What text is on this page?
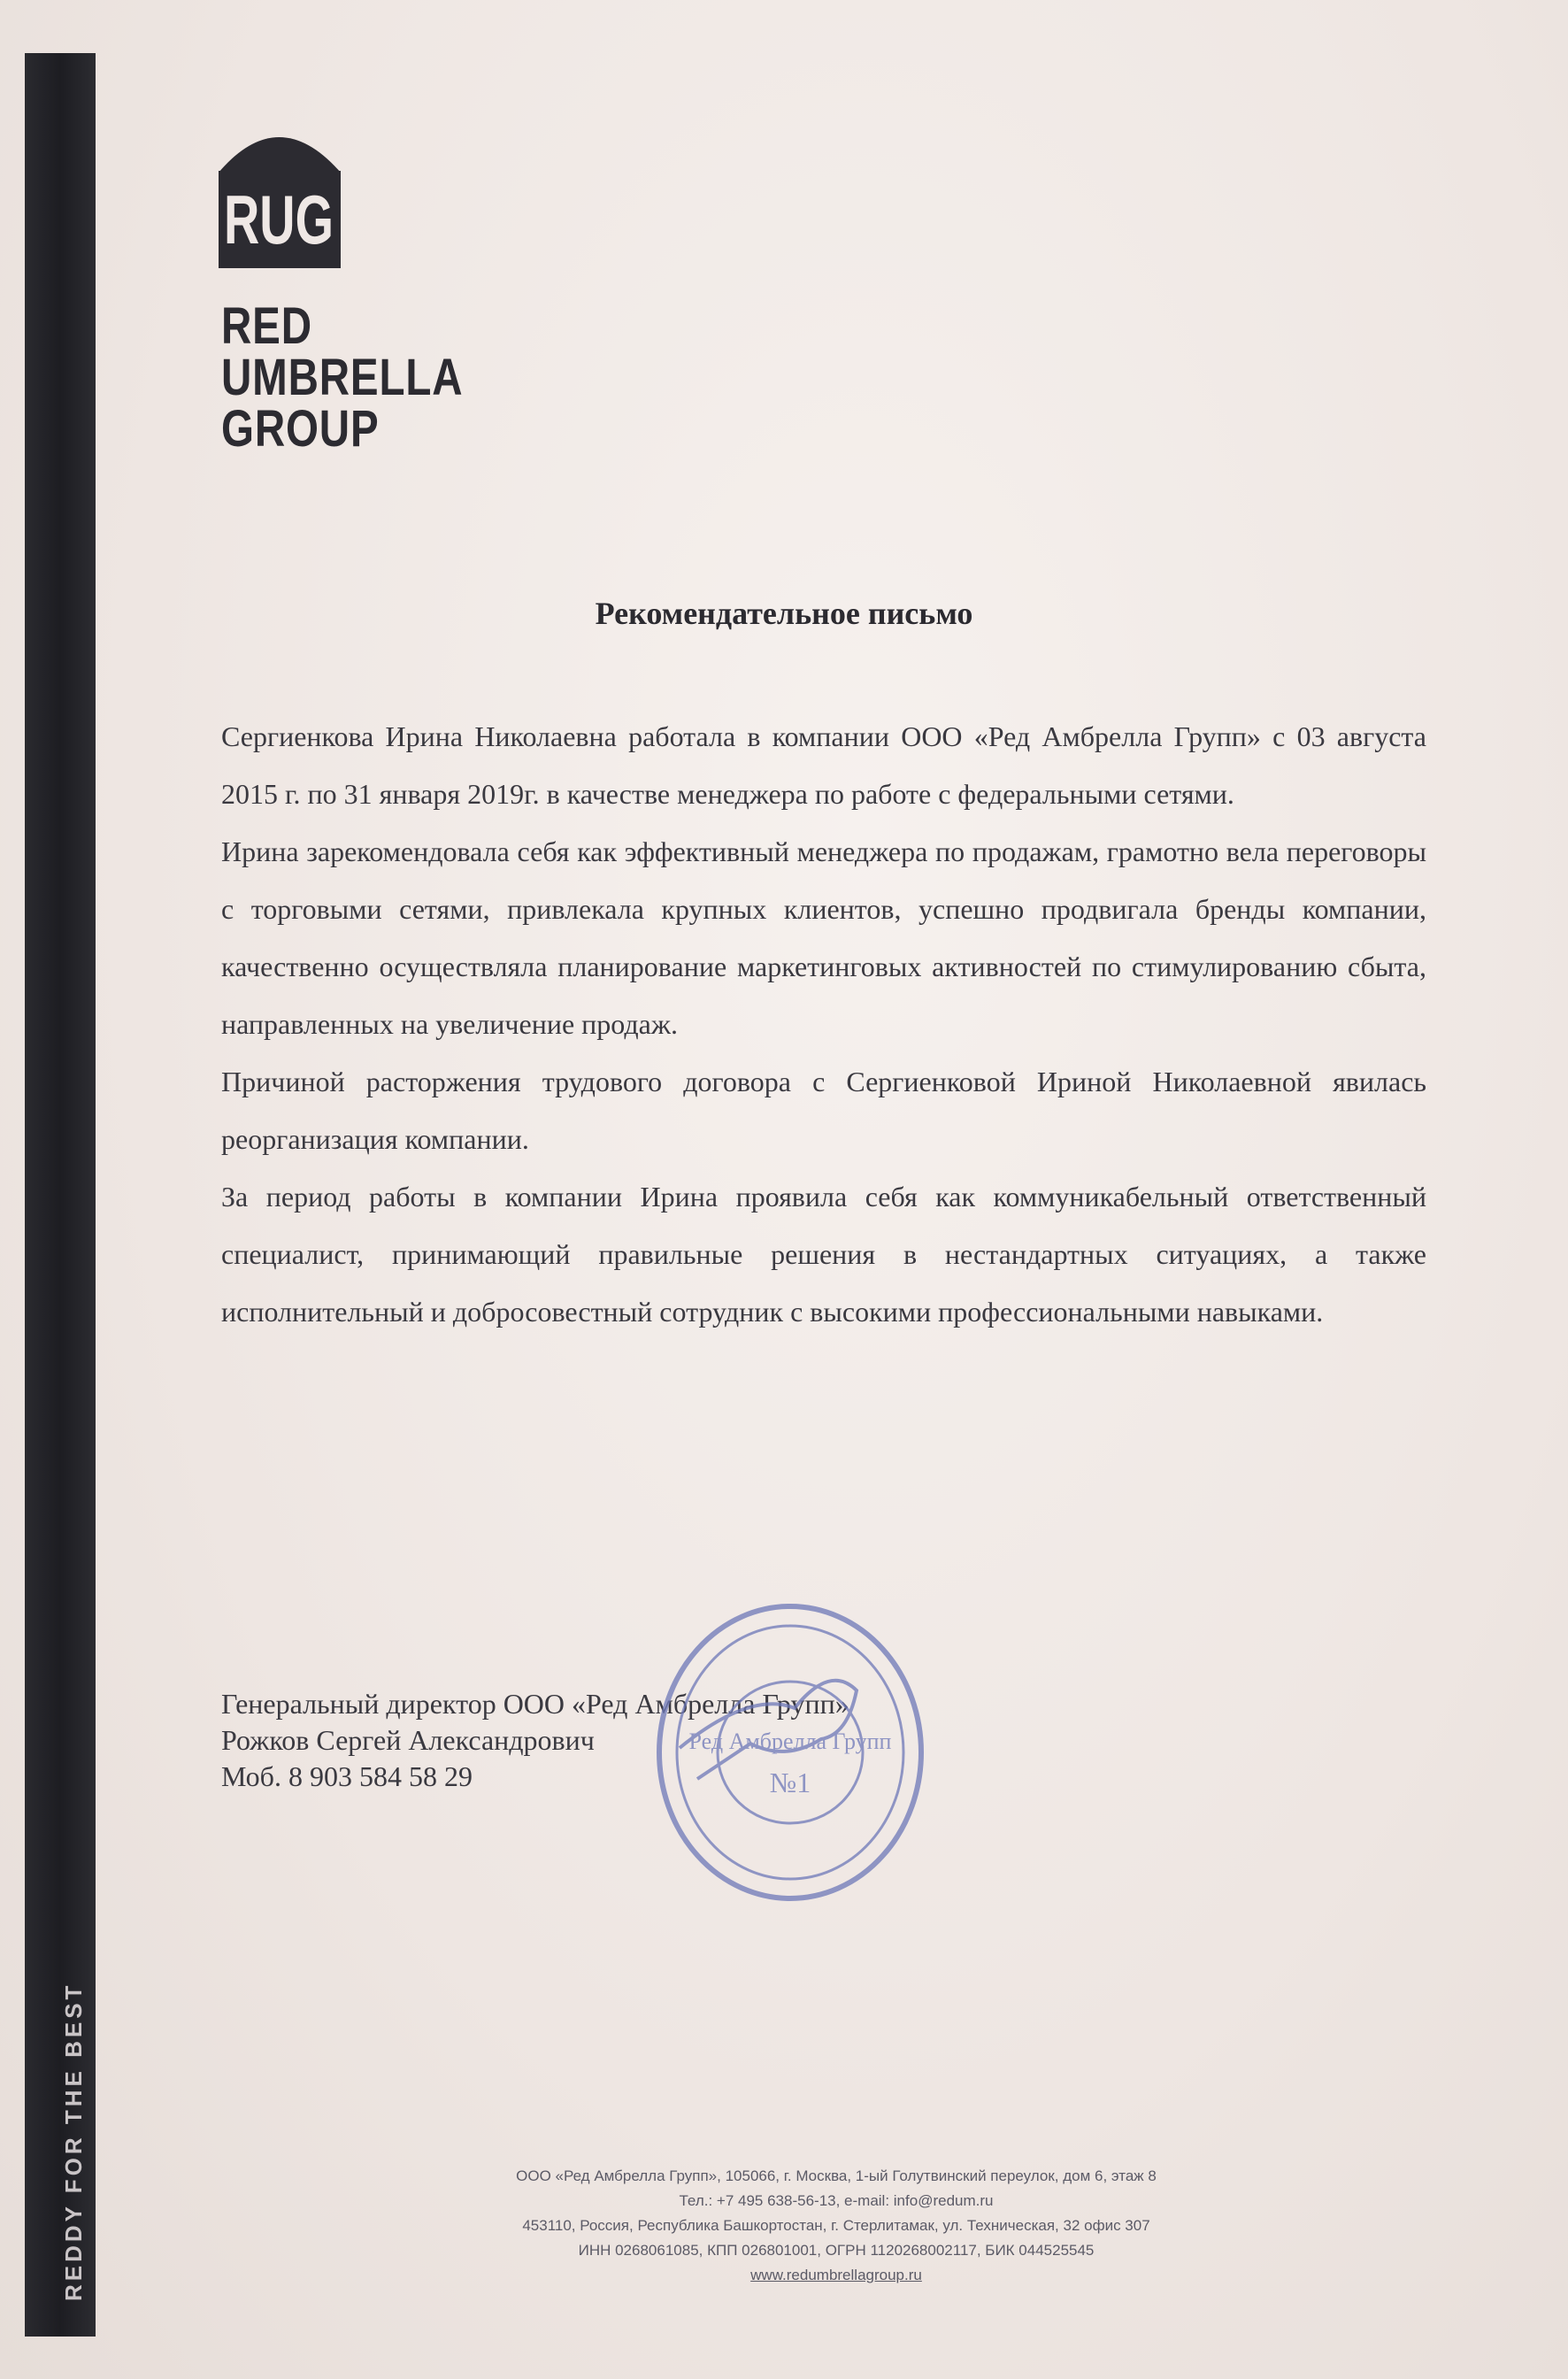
REDDY FOR THE BEST
RUG
RED
UMBRELLA
GROUP
Рекомендательное письмо

Сергиенкова Ирина Николаевна работала в компании ООО «Ред Амбрелла Групп» с 03 августа 2015 г. по 31 января 2019г. в качестве менеджера по работе с федеральными сетями.

Ирина зарекомендовала себя как эффективный менеджера по продажам, грамотно вела переговоры с торговыми сетями, привлекала крупных клиентов, успешно продвигала бренды компании, качественно осуществляла планирование маркетинговых активностей по стимулированию сбыта, направленных на увеличение продаж.

Причиной расторжения трудового договора с Сергиенковой Ириной Николаевной явилась реорганизация компании.

За период работы в компании Ирина проявила себя как коммуникабельный ответственный специалист, принимающий правильные решения в нестандартных ситуациях, а также исполнительный и добросовестный сотрудник с высокими профессиональными навыками.

Генеральный директор ООО «Ред Амбрелла Групп»
Рожков Сергей Александрович
Моб. 8 903 584 58 29
Ред Амбрелла Групп
№1
ООО «Ред Амбрелла Групп», 105066, г. Москва, 1-ый Голутвинский переулок, дом 6, этаж 8
Тел.: +7 495 638-56-13, e-mail: info@redum.ru
453110, Россия, Республика Башкортостан, г. Стерлитамак, ул. Техническая, 32 офис 307
ИНН 0268061085, КПП 026801001, ОГРН 1120268002117, БИК 044525545
www.redumbrellagroup.ru
